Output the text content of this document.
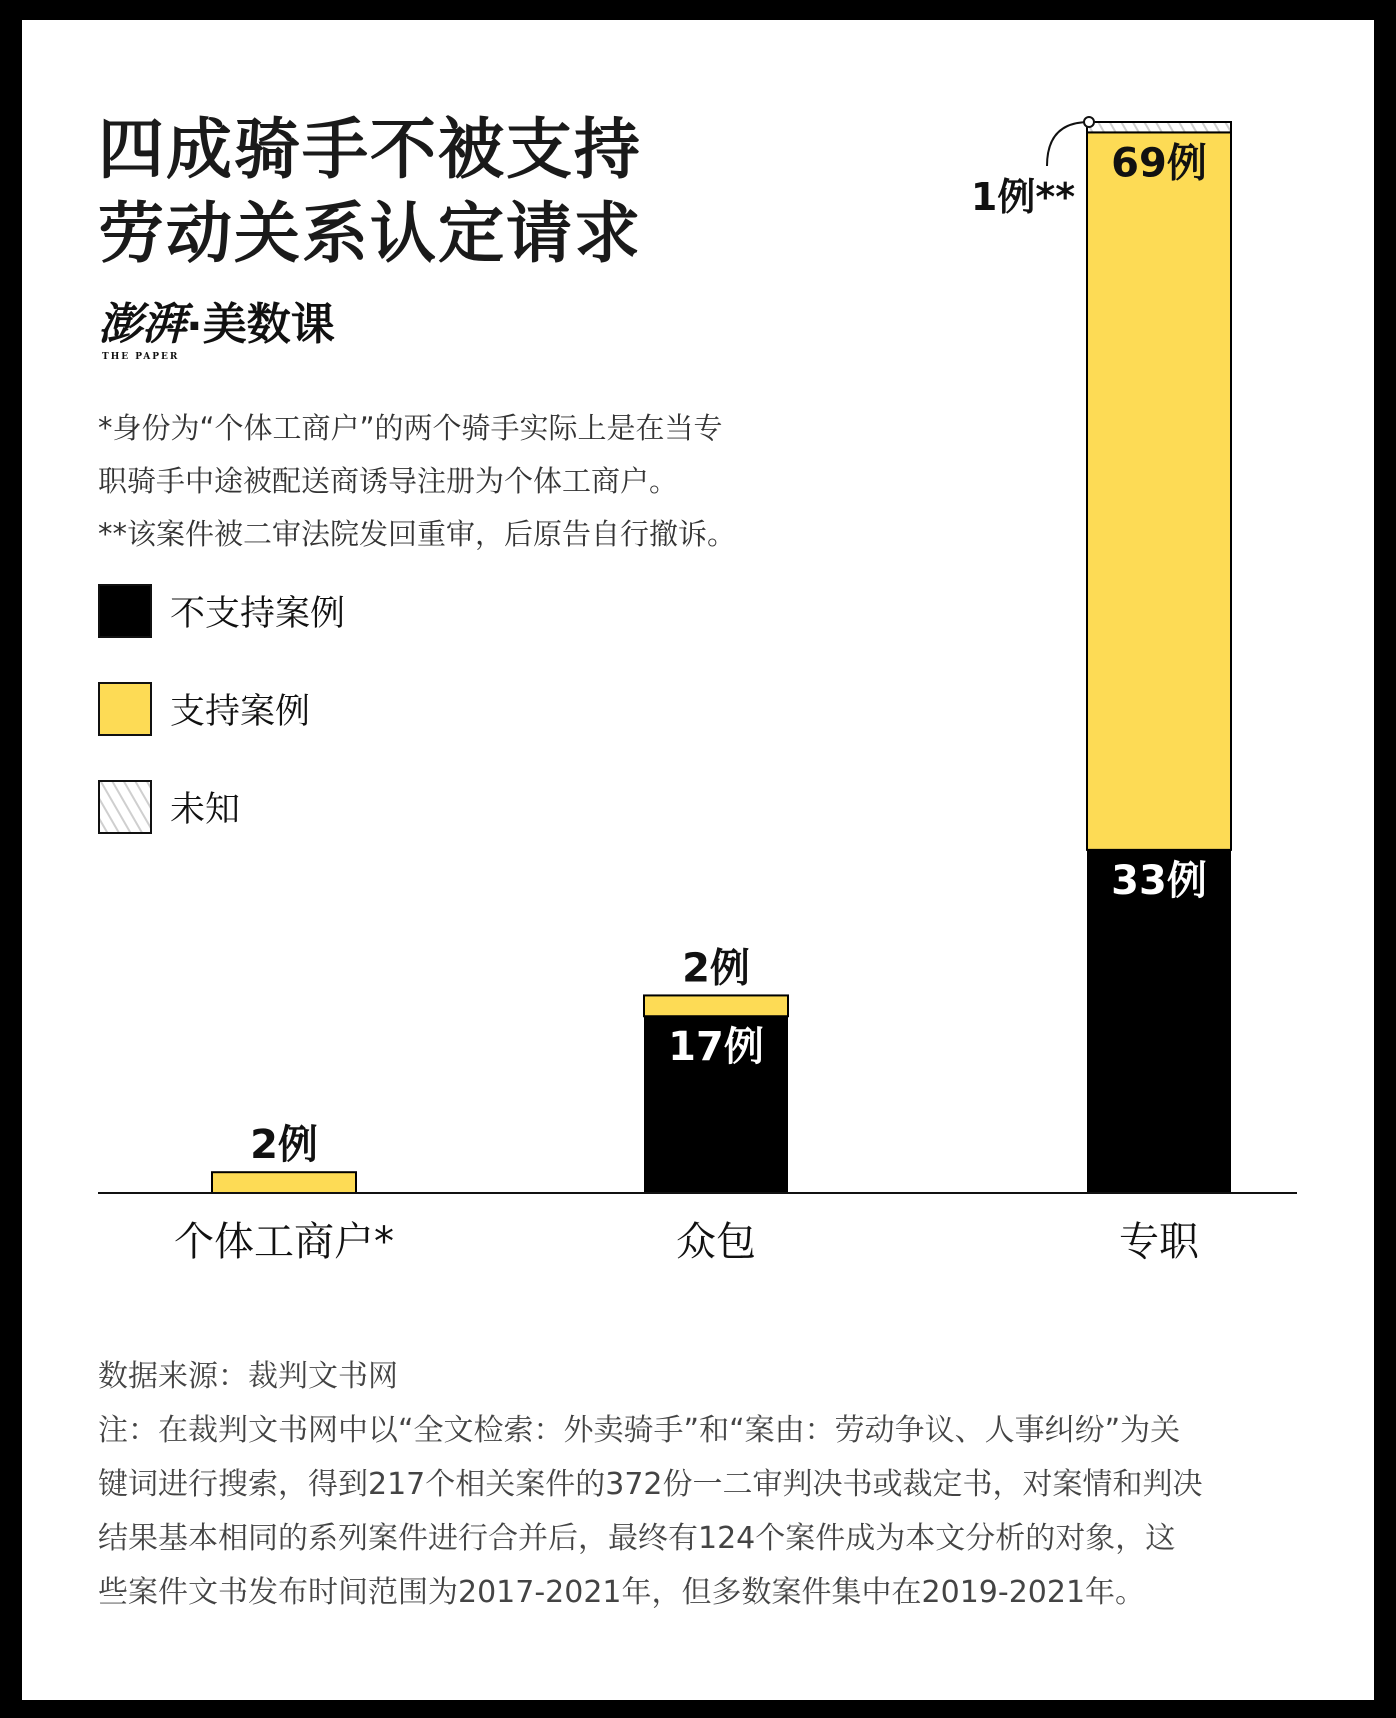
四成骑手不被支持
劳动关系认定请求
澎湃
THE PAPER
· 美数课
*身份为“个体工商户”的两个骑手实际上是在当专
职骑手中途被配送商诱导注册为个体工商户。
**该案件被二审法院发回重审，后原告自行撤诉。
不支持案例
支持案例
未知
2例
个体工商户*
17例
2例
众包
33例
69例
1例**
专职
数据来源：裁判文书网
注：在裁判文书网中以“全文检索：外卖骑手”和“案由：劳动争议、人事纠纷”为关
键词进行搜索，得到217个相关案件的372份一二审判决书或裁定书，对案情和判决
结果基本相同的系列案件进行合并后，最终有124个案件成为本文分析的对象，这
些案件文书发布时间范围为2017-2021年，但多数案件集中在2019-2021年。
